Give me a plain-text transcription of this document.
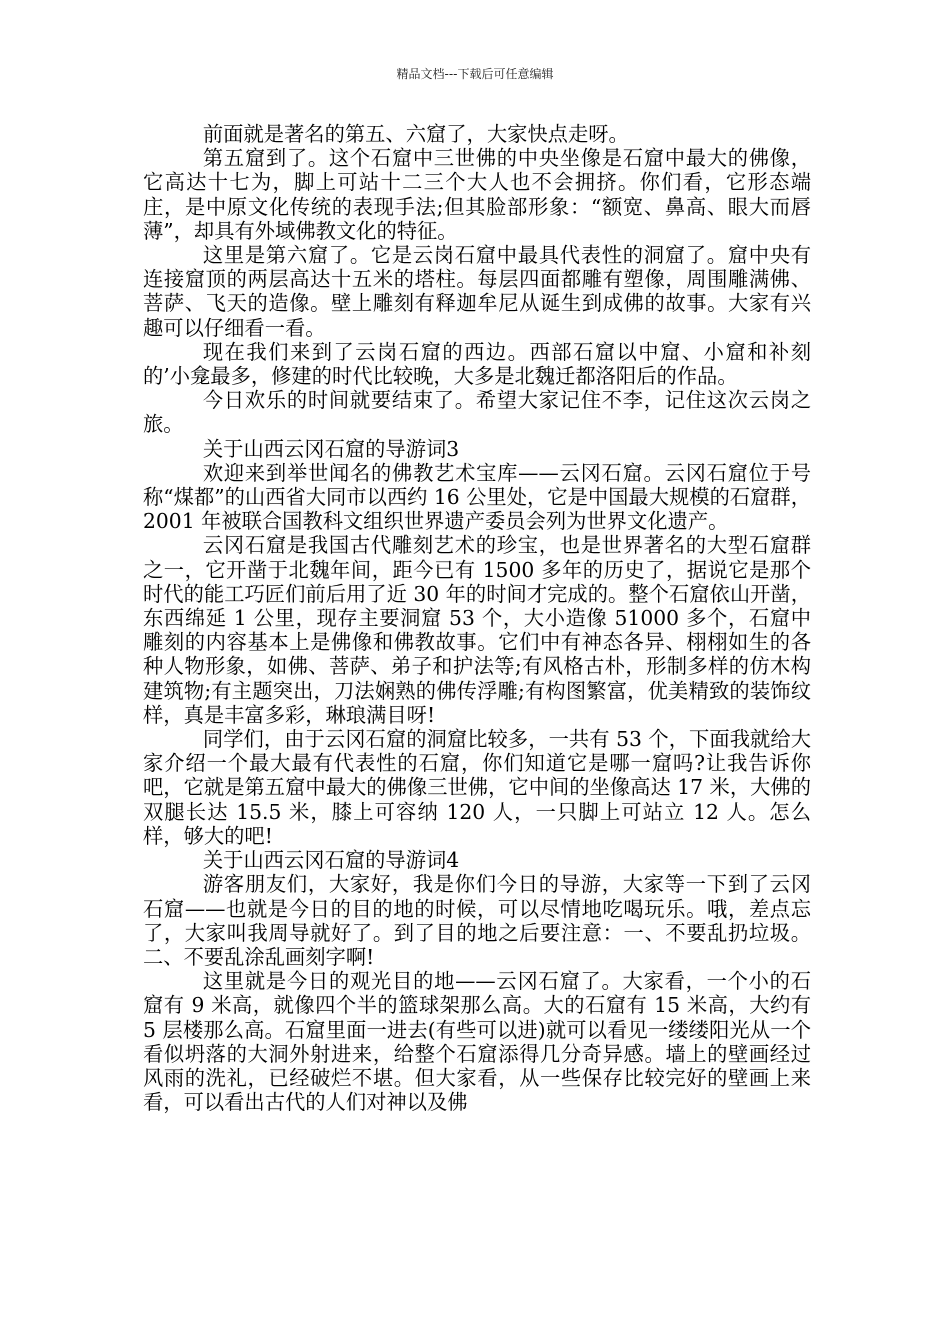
精品文档---下载后可任意编辑

前面就是著名的第五、六窟了，大家快点走呀。

第五窟到了。这个石窟中三世佛的中央坐像是石窟中最大的佛像，它高达十七为，脚上可站十二三个大人也不会拥挤。你们看，它形态端庄，是中原文化传统的表现手法;但其脸部形象：“额宽、鼻高、眼大而唇薄”，却具有外域佛教文化的特征。

这里是第六窟了。它是云岗石窟中最具代表性的洞窟了。窟中央有连接窟顶的两层高达十五米的塔柱。每层四面都雕有塑像，周围雕满佛、菩萨、飞天的造像。壁上雕刻有释迦牟尼从诞生到成佛的故事。大家有兴趣可以仔细看一看。

现在我们来到了云岗石窟的西边。西部石窟以中窟、小窟和补刻的’小龛最多，修建的时代比较晚，大多是北魏迁都洛阳后的作品。

今日欢乐的时间就要结束了。希望大家记住不李，记住这次云岗之旅。

关于山西云冈石窟的导游词3

欢迎来到举世闻名的佛教艺术宝库——云冈石窟。云冈石窟位于号称“煤都”的山西省大同市以西约 16 公里处，它是中国最大规模的石窟群，2001 年被联合国教科文组织世界遗产委员会列为世界文化遗产。

云冈石窟是我国古代雕刻艺术的珍宝，也是世界著名的大型石窟群之一，它开凿于北魏年间，距今已有 1500 多年的历史了，据说它是那个时代的能工巧匠们前后用了近 30 年的时间才完成的。整个石窟依山开凿，东西绵延 1 公里，现存主要洞窟 53 个，大小造像 51000 多个，石窟中雕刻的内容基本上是佛像和佛教故事。它们中有神态各异、栩栩如生的各种人物形象，如佛、菩萨、弟子和护法等;有风格古朴，形制多样的仿木构建筑物;有主题突出，刀法娴熟的佛传浮雕;有构图繁富，优美精致的装饰纹样，真是丰富多彩，琳琅满目呀!

同学们，由于云冈石窟的洞窟比较多，一共有 53 个，下面我就给大家介绍一个最大最有代表性的石窟，你们知道它是哪一窟吗?让我告诉你吧，它就是第五窟中最大的佛像三世佛，它中间的坐像高达 17 米，大佛的双腿长达 15.5 米，膝上可容纳 120 人，一只脚上可站立 12 人。怎么样，够大的吧!

关于山西云冈石窟的导游词4

游客朋友们，大家好，我是你们今日的导游，大家等一下到了云冈石窟——也就是今日的目的地的时候，可以尽情地吃喝玩乐。哦，差点忘了，大家叫我周导就好了。到了目的地之后要注意：一、不要乱扔垃圾。二、不要乱涂乱画刻字啊!

这里就是今日的观光目的地——云冈石窟了。大家看，一个小的石窟有 9 米高，就像四个半的篮球架那么高。大的石窟有 15 米高，大约有 5 层楼那么高。石窟里面一进去(有些可以进)就可以看见一缕缕阳光从一个看似坍落的大洞外射进来，给整个石窟添得几分奇异感。墙上的壁画经过风雨的洗礼，已经破烂不堪。但大家看，从一些保存比较完好的壁画上来看，可以看出古代的人们对神以及佛
